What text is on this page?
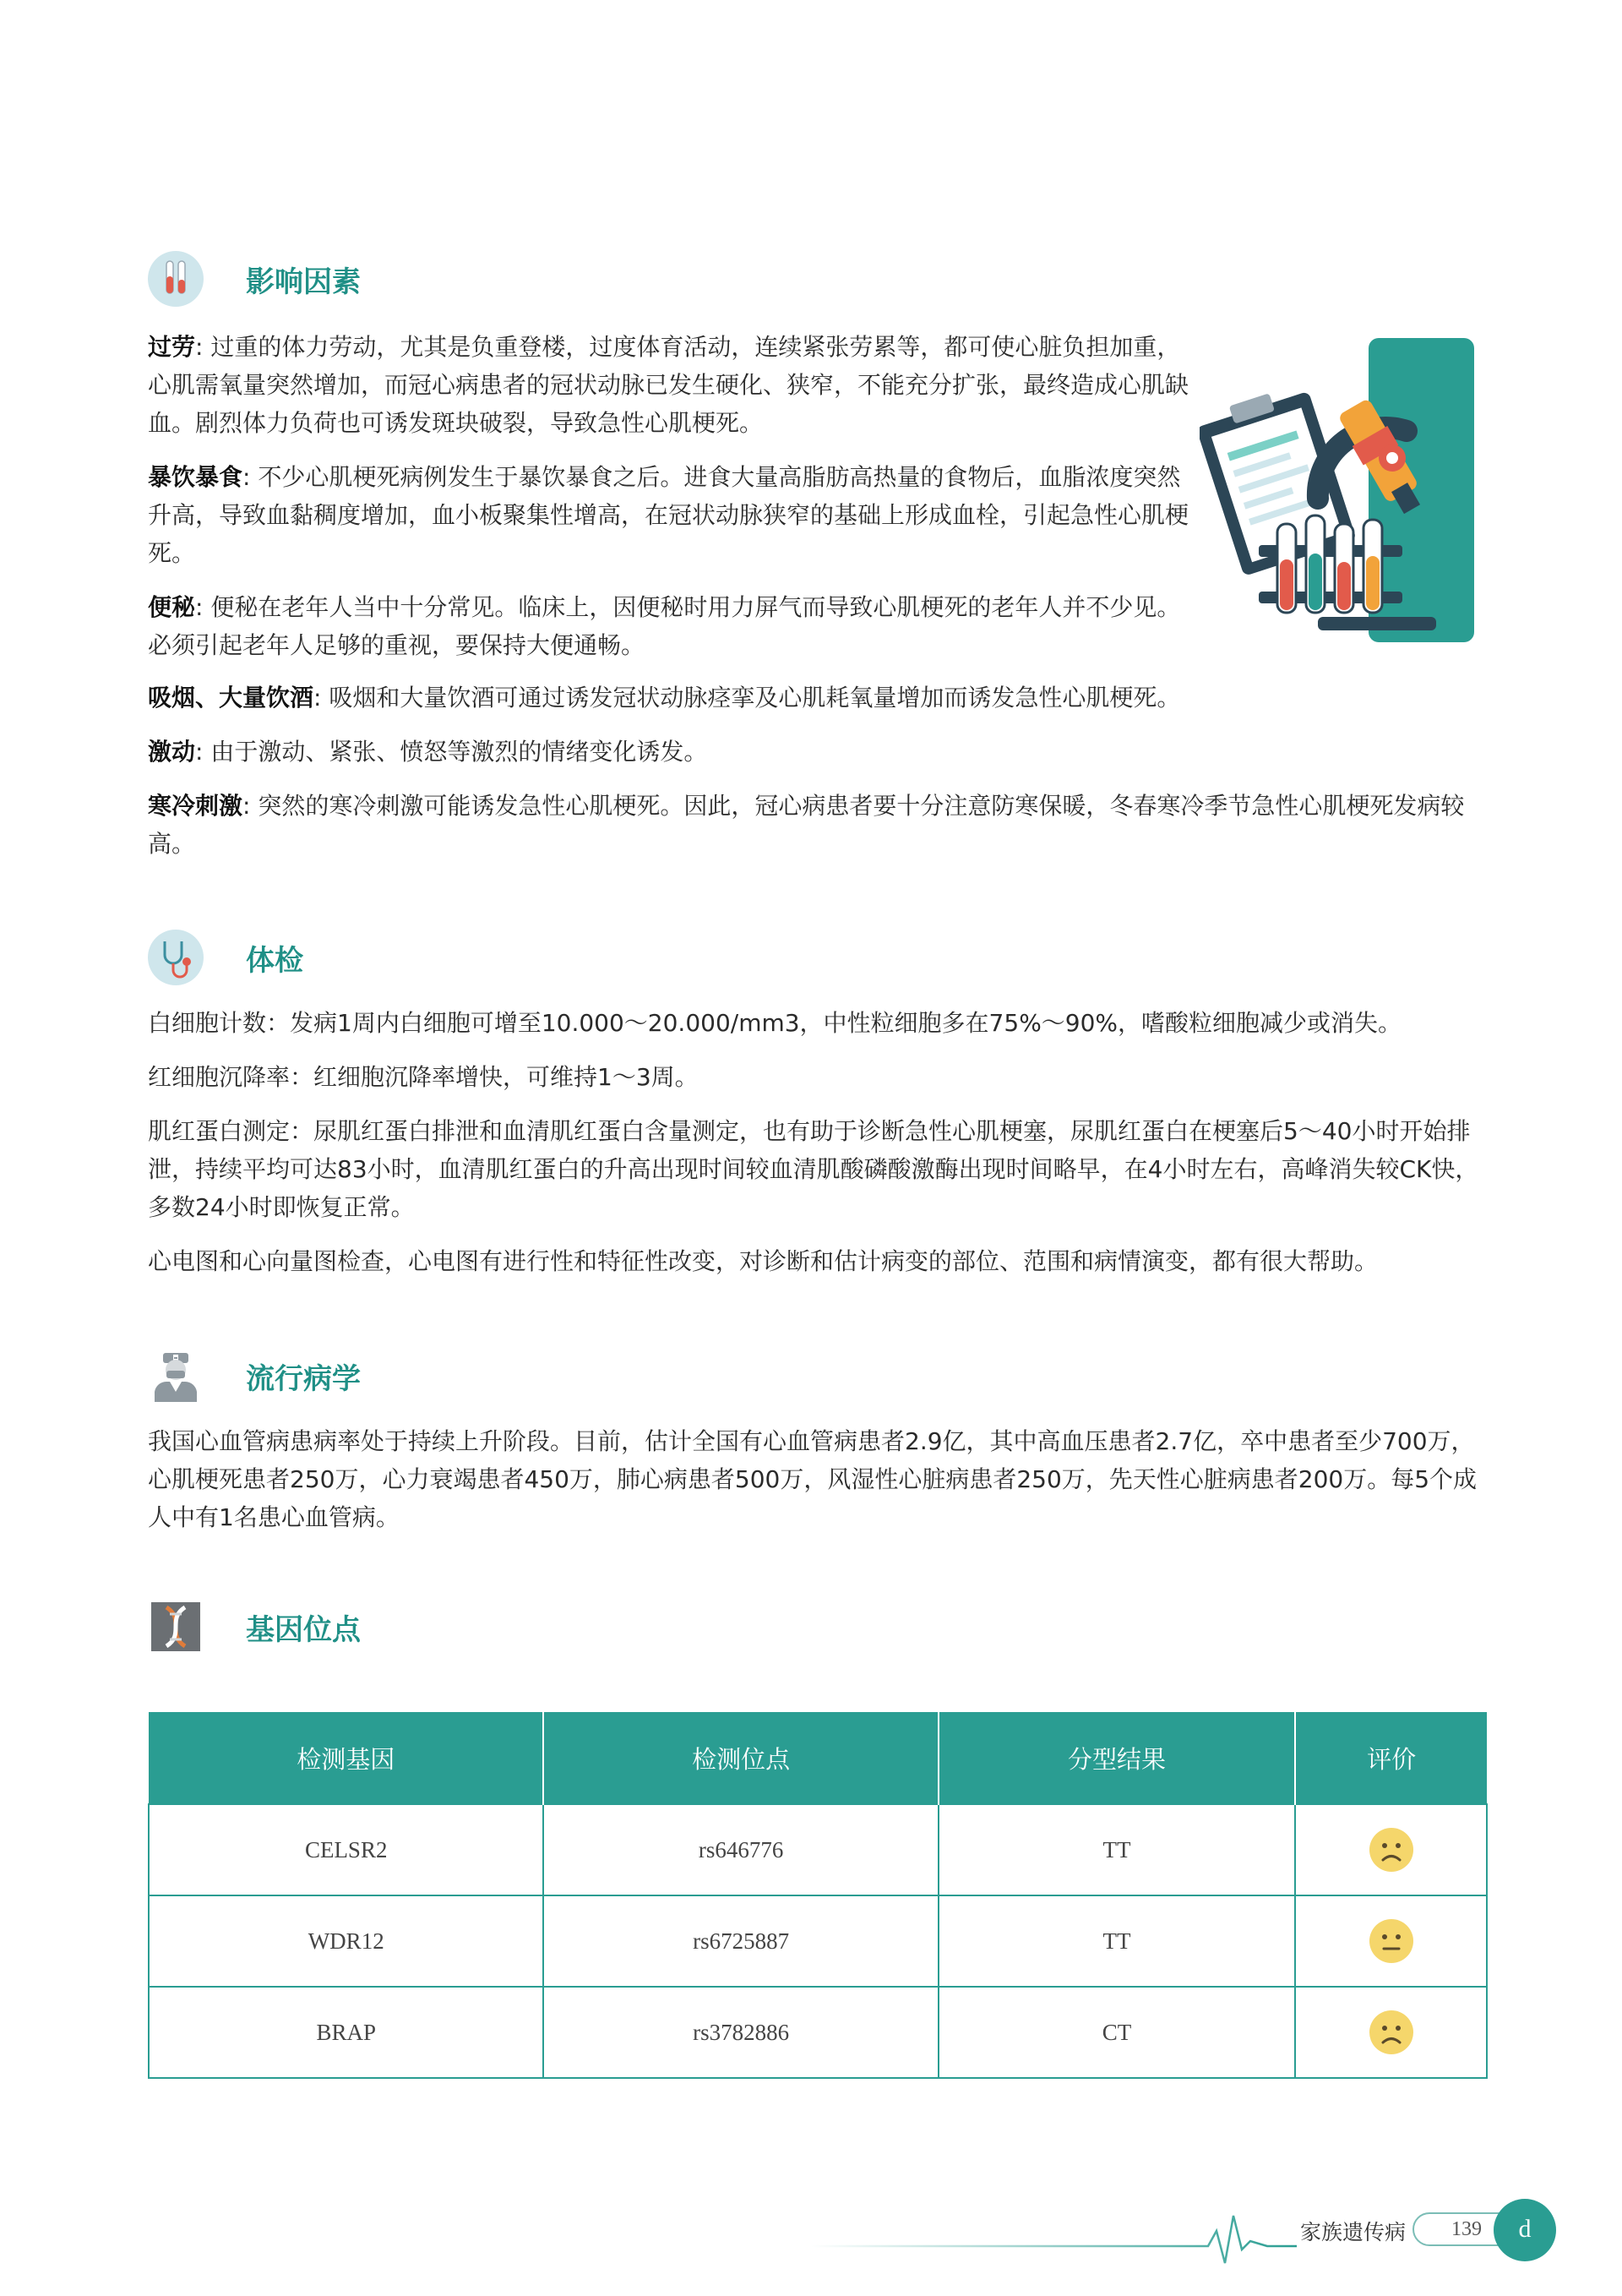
影响因素

过劳: 过重的体力劳动，尤其是负重登楼，过度体育活动，连续紧张劳累等，都可使心脏负担加重，心肌需氧量突然增加，而冠心病患者的冠状动脉已发生硬化、狭窄，不能充分扩张，最终造成心肌缺血。剧烈体力负荷也可诱发斑块破裂，导致急性心肌梗死。

暴饮暴食: 不少心肌梗死病例发生于暴饮暴食之后。进食大量高脂肪高热量的食物后，血脂浓度突然升高，导致血黏稠度增加，血小板聚集性增高，在冠状动脉狭窄的基础上形成血栓，引起急性心肌梗死。

便秘: 便秘在老年人当中十分常见。临床上，因便秘时用力屏气而导致心肌梗死的老年人并不少见。必须引起老年人足够的重视，要保持大便通畅。

吸烟、大量饮酒: 吸烟和大量饮酒可通过诱发冠状动脉痉挛及心肌耗氧量增加而诱发急性心肌梗死。

激动: 由于激动、紧张、愤怒等激烈的情绪变化诱发。

寒冷刺激: 突然的寒冷刺激可能诱发急性心肌梗死。因此，冠心病患者要十分注意防寒保暖，冬春寒冷季节急性心肌梗死发病较高。

体检

白细胞计数：发病1周内白细胞可增至10.000～20.000/mm3，中性粒细胞多在75%～90%，嗜酸粒细胞减少或消失。

红细胞沉降率：红细胞沉降率增快，可维持1～3周。

肌红蛋白测定：尿肌红蛋白排泄和血清肌红蛋白含量测定，也有助于诊断急性心肌梗塞，尿肌红蛋白在梗塞后5～40小时开始排泄，持续平均可达83小时，血清肌红蛋白的升高出现时间较血清肌酸磷酸激酶出现时间略早，在4小时左右，高峰消失较CK快，多数24小时即恢复正常。

心电图和心向量图检查，心电图有进行性和特征性改变，对诊断和估计病变的部位、范围和病情演变，都有很大帮助。

流行病学

我国心血管病患病率处于持续上升阶段。目前，估计全国有心血管病患者2.9亿，其中高血压患者2.7亿，卒中患者至少700万，心肌梗死患者250万，心力衰竭患者450万，肺心病患者500万，风湿性心脏病患者250万，先天性心脏病患者200万。每5个成人中有1名患心血管病。

基因位点
检测基因	检测位点	分型结果	评价
CELSR2	rs646776	TT	
WDR12	rs6725887	TT	
BRAP	rs3782886	CT	
家族遗传病	139	d
